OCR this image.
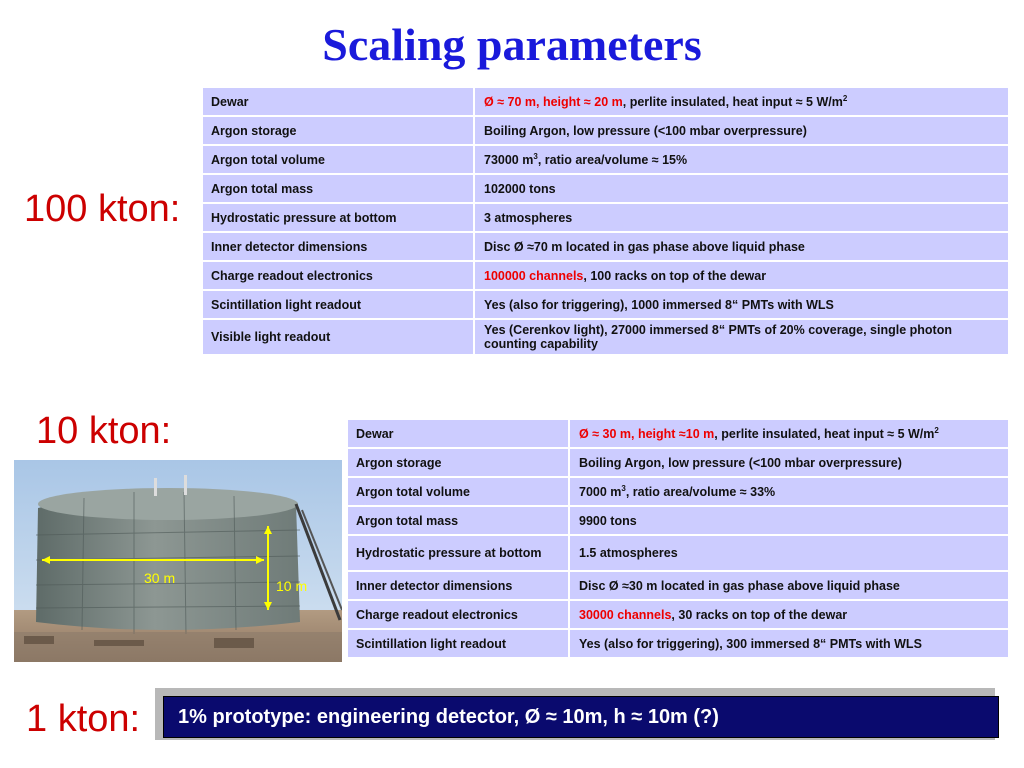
Scaling parameters
100 kton:
10 kton:
1 kton:
Dewar	Ø ≈ 70 m, height ≈ 20 m, perlite insulated, heat input ≈ 5 $W/m^2$
Argon storage	Boiling Argon, low pressure (<100 mbar overpressure)
Argon total volume	73000 $m^3$, ratio area/volume ≈ 15%
Argon total mass	102000 tons
Hydrostatic pressure at bottom	3 atmospheres
Inner detector dimensions	Disc Ø ≈70 m located in gas phase above liquid phase
Charge readout electronics	100000 channels, 100 racks on top of the dewar
Scintillation light readout	Yes (also for triggering), 1000 immersed 8“ PMTs with WLS
Visible light readout	Yes (Cerenkov light), 27000 immersed 8“ PMTs of 20% coverage, single photon counting capability
Dewar	Ø ≈ 30 m, height ≈10 m, perlite insulated, heat input ≈ 5 $W/m^2$
Argon storage	Boiling Argon, low pressure (<100 mbar overpressure)
Argon total volume	7000 $m^3$, ratio area/volume ≈ 33%
Argon total mass	9900 tons
Hydrostatic pressure at bottom	1.5 atmospheres
Inner detector dimensions	Disc Ø ≈30 m located in gas phase above liquid phase
Charge readout electronics	30000 channels, 30 racks on top of the dewar
Scintillation light readout	Yes (also for triggering), 300 immersed 8“ PMTs with WLS
30 m	10 m
1% prototype: engineering detector, Ø ≈ 10m, h ≈ 10m (?)
